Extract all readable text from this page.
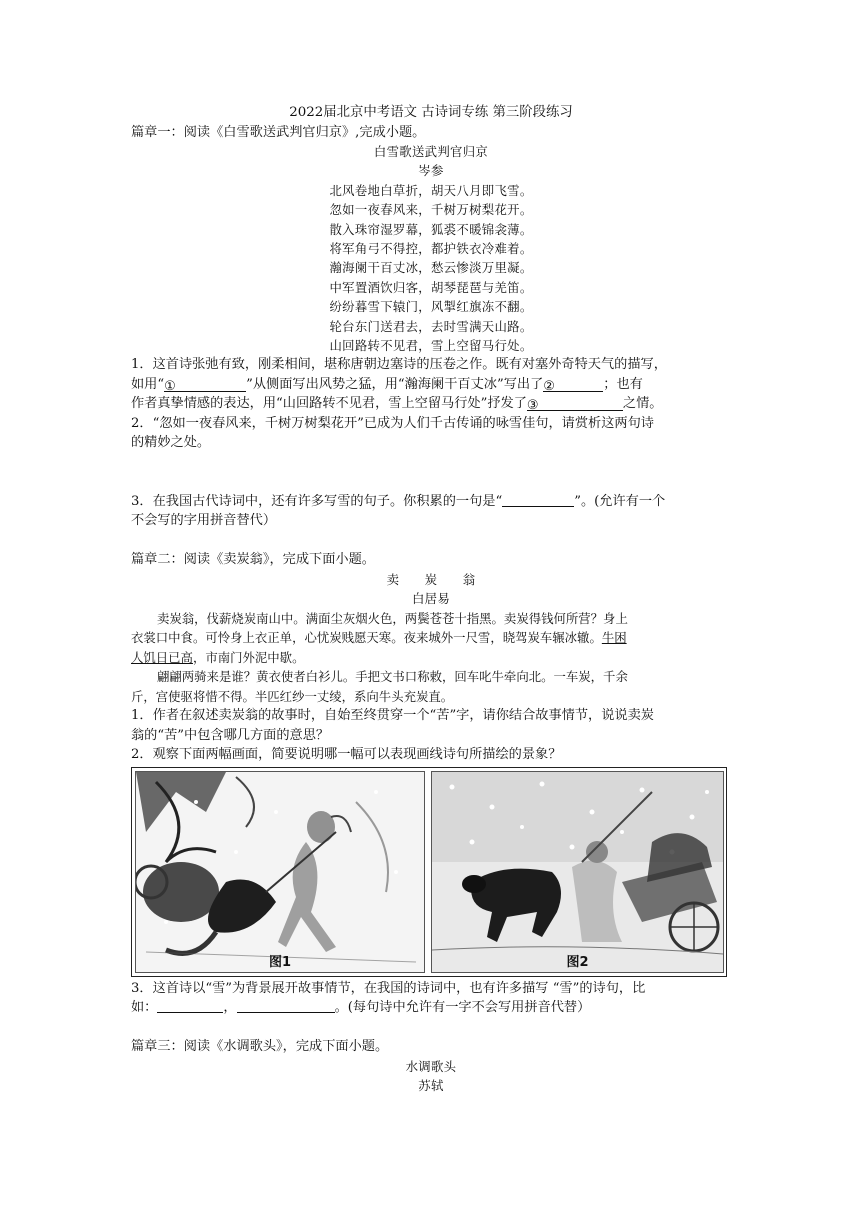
2022届北京中考语文 古诗词专练 第三阶段练习
篇章一：阅读《白雪歌送武判官归京》,完成小题。
白雪歌送武判官归京
岑参
北风卷地白草折，胡天八月即飞雪。
忽如一夜春风来，千树万树梨花开。
散入珠帘湿罗幕，狐裘不暖锦衾薄。
将军角弓不得控，都护铁衣冷难着。
瀚海阑干百丈冰，愁云惨淡万里凝。
中军置酒饮归客，胡琴琵琶与羌笛。
纷纷暮雪下辕门，风掣红旗冻不翻。
轮台东门送君去，去时雪满天山路。
山回路转不见君，雪上空留马行处。
1．这首诗张弛有致，刚柔相间，堪称唐朝边塞诗的压卷之作。既有对塞外奇特天气的描写，
如用“①	”从侧面写出风势之猛，用“瀚海阑干百丈冰”写出了②	；也有
作者真挚情感的表达，用“山回路转不见君，雪上空留马行处”抒发了③	之情。
2．“忽如一夜春风来，千树万树梨花开”已成为人们千古传诵的咏雪佳句，请赏析这两句诗
的精妙之处。
3．在我国古代诗词中，还有许多写雪的句子。你积累的一句是“	”。(允许有一个
不会写的字用拼音替代）
篇章二：阅读《卖炭翁》，完成下面小题。
卖　　炭　　翁
白居易
卖炭翁，伐薪烧炭南山中。满面尘灰烟火色，两鬓苍苍十指黑。卖炭得钱何所营？身上
衣裳口中食。可怜身上衣正单，心忧炭贱愿天寒。夜来城外一尺雪，晓驾炭车辗冰辙。牛困
人饥日已高，市南门外泥中歇。
翩翩两骑来是谁？黄衣使者白衫儿。手把文书口称敕，回车叱牛牵向北。一车炭，千余
斤，宫使驱将惜不得。半匹红纱一丈绫，系向牛头充炭直。
1．作者在叙述卖炭翁的故事时，自始至终贯穿一个“苦”字，请你结合故事情节，说说卖炭
翁的“苦”中包含哪几方面的意思？
2．观察下面两幅画面，简要说明哪一幅可以表现画线诗句所描绘的景象？
图1	图2
3．这首诗以“雪”为背景展开故事情节，在我国的诗词中，也有许多描写 “雪”的诗句，比
如：	，	。(每句诗中允许有一字不会写用拼音代替）
篇章三：阅读《水调歌头》，完成下面小题。
水调歌头
苏轼
